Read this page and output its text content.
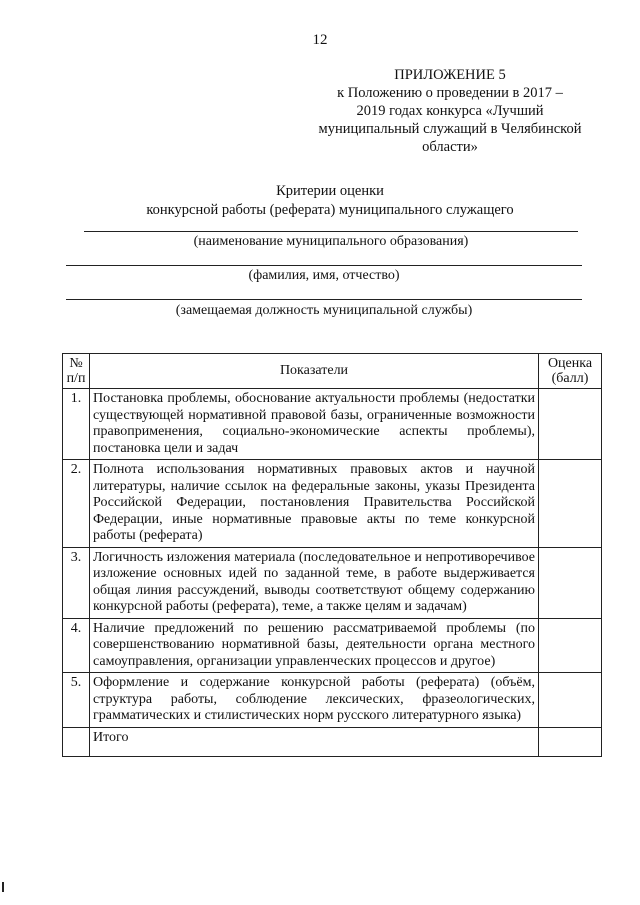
12
ПРИЛОЖЕНИЕ 5
к Положению о проведении в 2017 –
2019 годах конкурса «Лучший
муниципальный служащий в Челябинской
области»
Критерии оценки
конкурсной работы (реферата) муниципального служащего
(наименование муниципального образования)
(фамилия, имя, отчество)
(замещаемая должность муниципальной службы)
№ п/п	Показатели	Оценка (балл)
1.	Постановка проблемы, обоснование актуальности проблемы (недостатки существующей нормативной правовой базы, ограниченные возможности правоприменения, социально-экономические аспекты проблемы), постановка цели и задач	
2.	Полнота использования нормативных правовых актов и научной литературы, наличие ссылок на федеральные законы, указы Президента Российской Федерации, постановления Правительства Российской Федерации, иные нормативные правовые акты по теме конкурсной работы (реферата)	
3.	Логичность изложения материала (последовательное и непротиворечивое изложение основных идей по заданной теме, в работе выдерживается общая линия рассуждений, выводы соответствуют общему содержанию конкурсной работы (реферата), теме, а также целям и задачам)	
4.	Наличие предложений по решению рассматриваемой проблемы (по совершенствованию нормативной базы, деятельности органа местного самоуправления, организации управленческих процессов и другое)	
5.	Оформление и содержание конкурсной работы (реферата) (объём, структура работы, соблюдение лексических, фразеологических, грамматических и стилистических норм русского литературного языка)	
	Итого	
